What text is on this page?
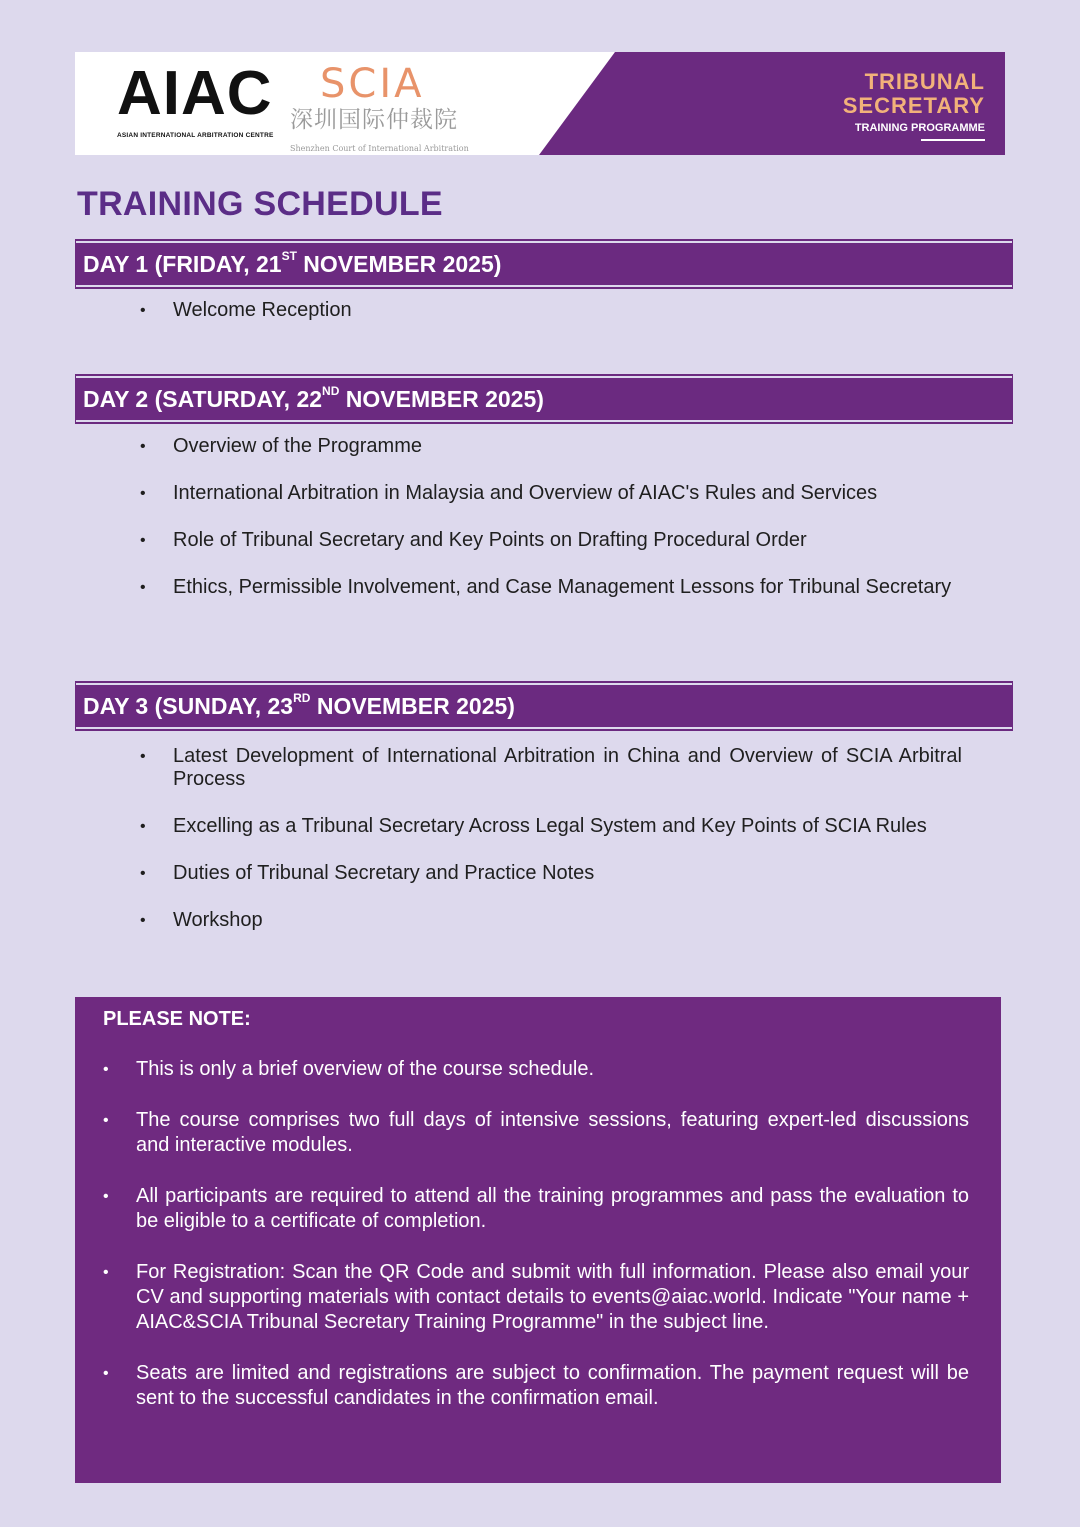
AIAC
ASIAN INTERNATIONAL ARBITRATION CENTRE
SCIA
深圳国际仲裁院
Shenzhen Court of International Arbitration
TRIBUNAL
SECRETARY
TRAINING PROGRAMME
TRAINING SCHEDULE
DAY 1 (FRIDAY, 21ST NOVEMBER 2025)
• Welcome Reception
DAY 2 (SATURDAY, 22ND NOVEMBER 2025)
• Overview of the Programme
• International Arbitration in Malaysia and Overview of AIAC's Rules and Services
• Role of Tribunal Secretary and Key Points on Drafting Procedural Order
• Ethics, Permissible Involvement, and Case Management Lessons for Tribunal Secretary
DAY 3 (SUNDAY, 23RD NOVEMBER 2025)
• Latest Development of International Arbitration in China and Overview of SCIA Arbitral Process
• Excelling as a Tribunal Secretary Across Legal System and Key Points of SCIA Rules
• Duties of Tribunal Secretary and Practice Notes
• Workshop
PLEASE NOTE:
• This is only a brief overview of the course schedule.
• The course comprises two full days of intensive sessions, featuring expert-led discussions and interactive modules.
• All participants are required to attend all the training programmes and pass the evaluation to be eligible to a certificate of completion.
• For Registration: Scan the QR Code and submit with full information. Please also email your CV and supporting materials with contact details to events@aiac.world. Indicate "Your name + AIAC&SCIA Tribunal Secretary Training Programme" in the subject line.
• Seats are limited and registrations are subject to confirmation. The payment request will be sent to the successful candidates in the confirmation email.
